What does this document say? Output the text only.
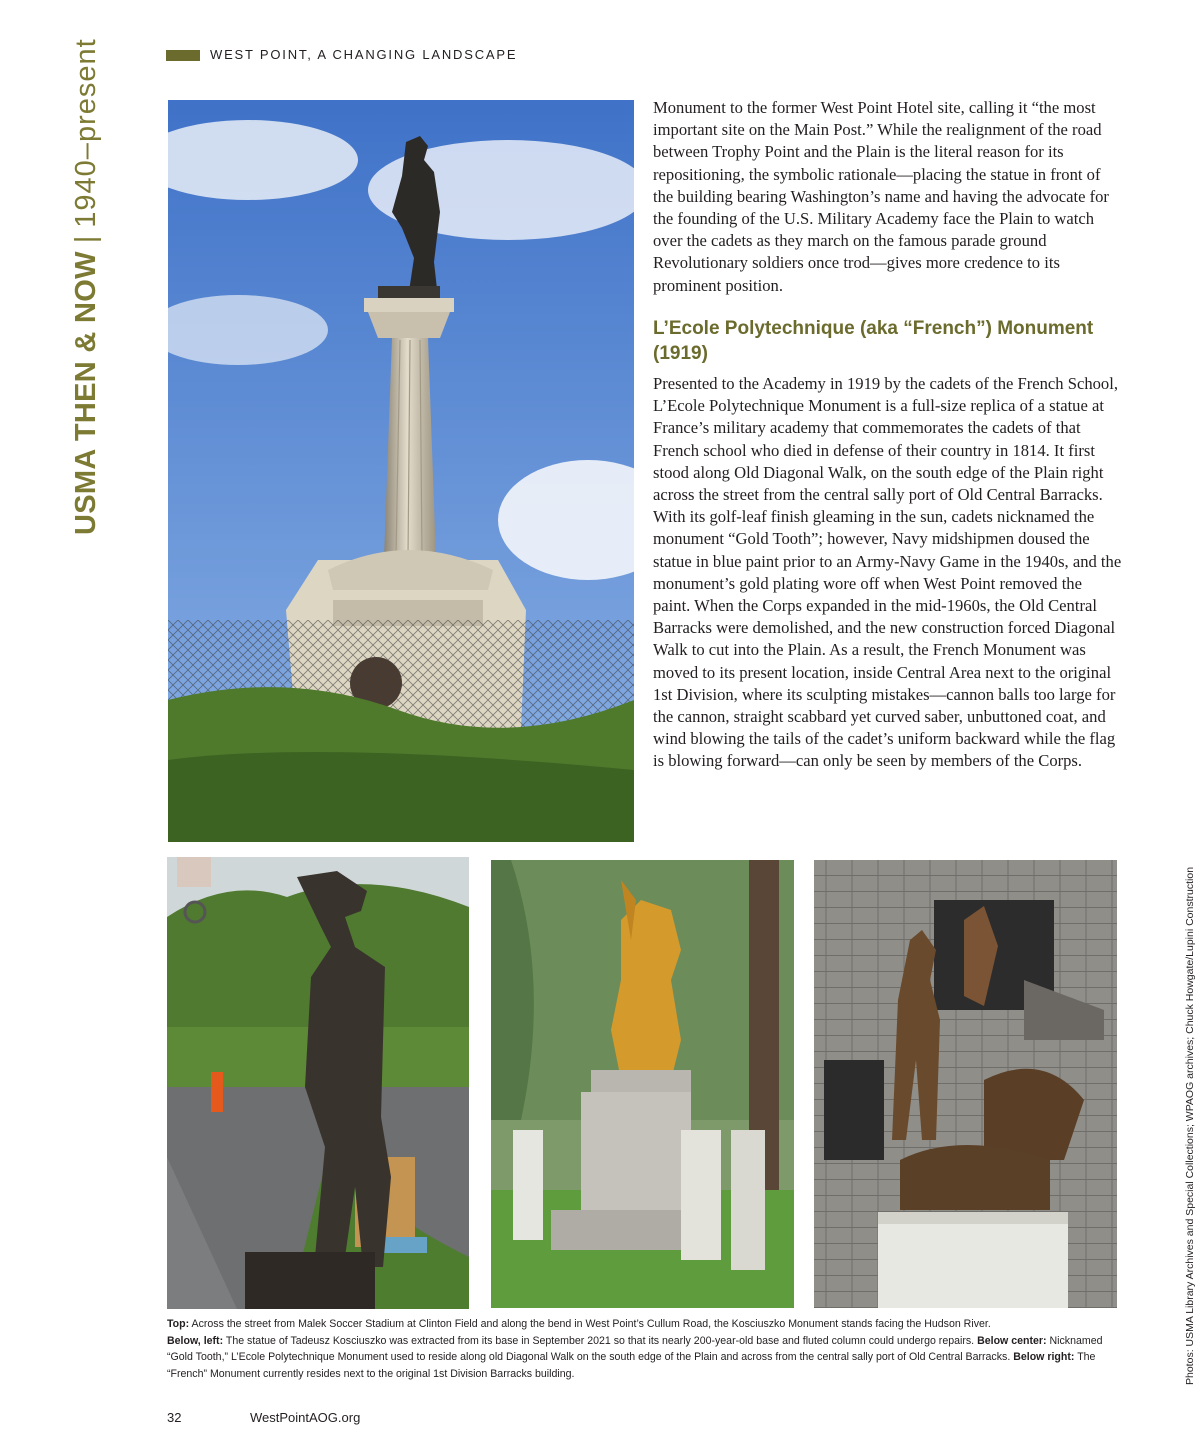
WEST POINT, A CHANGING LANDSCAPE
USMA THEN & NOW|1940–present	Monument to the former West Point Hotel site, calling it “the most important site on the Main Post.” While the realignment of the road between Trophy Point and the Plain is the literal reason for its repositioning, the symbolic rationale—placing the statue in front of the building bearing Washington’s name and having the advocate for the founding of the U.S. Military Academy face the Plain to watch over the cadets as they march on the famous parade ground Revolutionary soldiers once trod—gives more credence to its prominent position.
L’Ecole Polytechnique (aka “French”) Monument (1919)
Presented to the Academy in 1919 by the cadets of the French School, L’Ecole Polytechnique Monument is a full-size replica of a statue at France’s military academy that commemorates the cadets of that French school who died in defense of their country in 1814. It first stood along Old Diagonal Walk, on the south edge of the Plain right across the street from the central sally port of Old Central Barracks. With its golf-leaf finish gleaming in the sun, cadets nicknamed the monument “Gold Tooth”; however, Navy midshipmen doused the statue in blue paint prior to an Army-Navy Game in the 1940s, and the monument’s gold plating wore off when West Point removed the paint. When the Corps expanded in the mid-1960s, the Old Central Barracks were demolished, and the new construction forced Diagonal Walk to cut into the Plain. As a result, the French Monument was moved to its present location, inside Central Area next to the original 1st Division, where its sculpting mistakes—cannon balls too large for the cannon, straight scabbard yet curved saber, unbuttoned coat, and wind blowing the tails of the cadet’s uniform backward while the flag is blowing forward—can only be seen by members of the Corps.
Top: Across the street from Malek Soccer Stadium at Clinton Field and along the bend in West Point’s Cullum Road, the Kosciuszko Monument stands facing the Hudson River.
Below, left: The statue of Tadeusz Kosciuszko was extracted from its base in September 2021 so that its nearly 200-year-old base and fluted column could undergo repairs. Below center: Nicknamed “Gold Tooth,” L’Ecole Polytechnique Monument used to reside along old Diagonal Walk on the south edge of the Plain and across from the central sally port of Old Central Barracks. Below right: The “French” Monument currently resides next to the original 1st Division Barracks building.	Photos: USMA Library Archives and Special Collections; WPAOG archives; Chuck Howgate/Lupini Construction
32	WestPointAOG.org
